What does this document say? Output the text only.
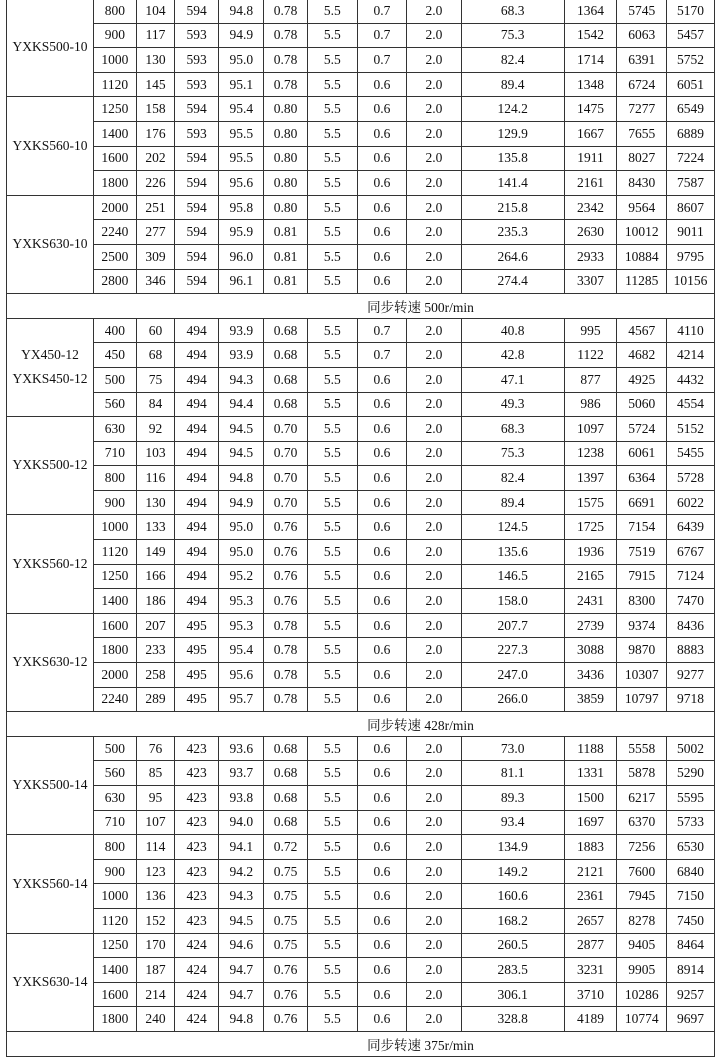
YXKS500-10	800	104	594	94.8	0.78	5.5	0.7	2.0	68.3	1364	5745	5170
	900	117	593	94.9	0.78	5.5	0.7	2.0	75.3	1542	6063	5457
	1000	130	593	95.0	0.78	5.5	0.7	2.0	82.4	1714	6391	5752
	1120	145	593	95.1	0.78	5.5	0.6	2.0	89.4	1348	6724	6051

YXKS560-10	1250	158	594	95.4	0.80	5.5	0.6	2.0	124.2	1475	7277	6549
	1400	176	593	95.5	0.80	5.5	0.6	2.0	129.9	1667	7655	6889
	1600	202	594	95.5	0.80	5.5	0.6	2.0	135.8	1911	8027	7224
	1800	226	594	95.6	0.80	5.5	0.6	2.0	141.4	2161	8430	7587

YXKS630-10	2000	251	594	95.8	0.80	5.5	0.6	2.0	215.8	2342	9564	8607
	2240	277	594	95.9	0.81	5.5	0.6	2.0	235.3	2630	10012	9011
	2500	309	594	96.0	0.81	5.5	0.6	2.0	264.6	2933	10884	9795
	2800	346	594	96.1	0.81	5.5	0.6	2.0	274.4	3307	11285	10156
同步转速 500r/min												

YX450-12
YXKS450-12	400	60	494	93.9	0.68	5.5	0.7	2.0	40.8	995	4567	4110
	450	68	494	93.9	0.68	5.5	0.7	2.0	42.8	1122	4682	4214
	500	75	494	94.3	0.68	5.5	0.6	2.0	47.1	877	4925	4432
	560	84	494	94.4	0.68	5.5	0.6	2.0	49.3	986	5060	4554

YXKS500-12	630	92	494	94.5	0.70	5.5	0.6	2.0	68.3	1097	5724	5152
	710	103	494	94.5	0.70	5.5	0.6	2.0	75.3	1238	6061	5455
	800	116	494	94.8	0.70	5.5	0.6	2.0	82.4	1397	6364	5728
	900	130	494	94.9	0.70	5.5	0.6	2.0	89.4	1575	6691	6022

YXKS560-12	1000	133	494	95.0	0.76	5.5	0.6	2.0	124.5	1725	7154	6439
	1120	149	494	95.0	0.76	5.5	0.6	2.0	135.6	1936	7519	6767
	1250	166	494	95.2	0.76	5.5	0.6	2.0	146.5	2165	7915	7124
	1400	186	494	95.3	0.76	5.5	0.6	2.0	158.0	2431	8300	7470

YXKS630-12	1600	207	495	95.3	0.78	5.5	0.6	2.0	207.7	2739	9374	8436
	1800	233	495	95.4	0.78	5.5	0.6	2.0	227.3	3088	9870	8883
	2000	258	495	95.6	0.78	5.5	0.6	2.0	247.0	3436	10307	9277
	2240	289	495	95.7	0.78	5.5	0.6	2.0	266.0	3859	10797	9718
同步转速 428r/min												

YXKS500-14	500	76	423	93.6	0.68	5.5	0.6	2.0	73.0	1188	5558	5002
	560	85	423	93.7	0.68	5.5	0.6	2.0	81.1	1331	5878	5290
	630	95	423	93.8	0.68	5.5	0.6	2.0	89.3	1500	6217	5595
	710	107	423	94.0	0.68	5.5	0.6	2.0	93.4	1697	6370	5733

YXKS560-14	800	114	423	94.1	0.72	5.5	0.6	2.0	134.9	1883	7256	6530
	900	123	423	94.2	0.75	5.5	0.6	2.0	149.2	2121	7600	6840
	1000	136	423	94.3	0.75	5.5	0.6	2.0	160.6	2361	7945	7150
	1120	152	423	94.5	0.75	5.5	0.6	2.0	168.2	2657	8278	7450

YXKS630-14	1250	170	424	94.6	0.75	5.5	0.6	2.0	260.5	2877	9405	8464
	1400	187	424	94.7	0.76	5.5	0.6	2.0	283.5	3231	9905	8914
	1600	214	424	94.7	0.76	5.5	0.6	2.0	306.1	3710	10286	9257
	1800	240	424	94.8	0.76	5.5	0.6	2.0	328.8	4189	10774	9697
同步转速 375r/min												
